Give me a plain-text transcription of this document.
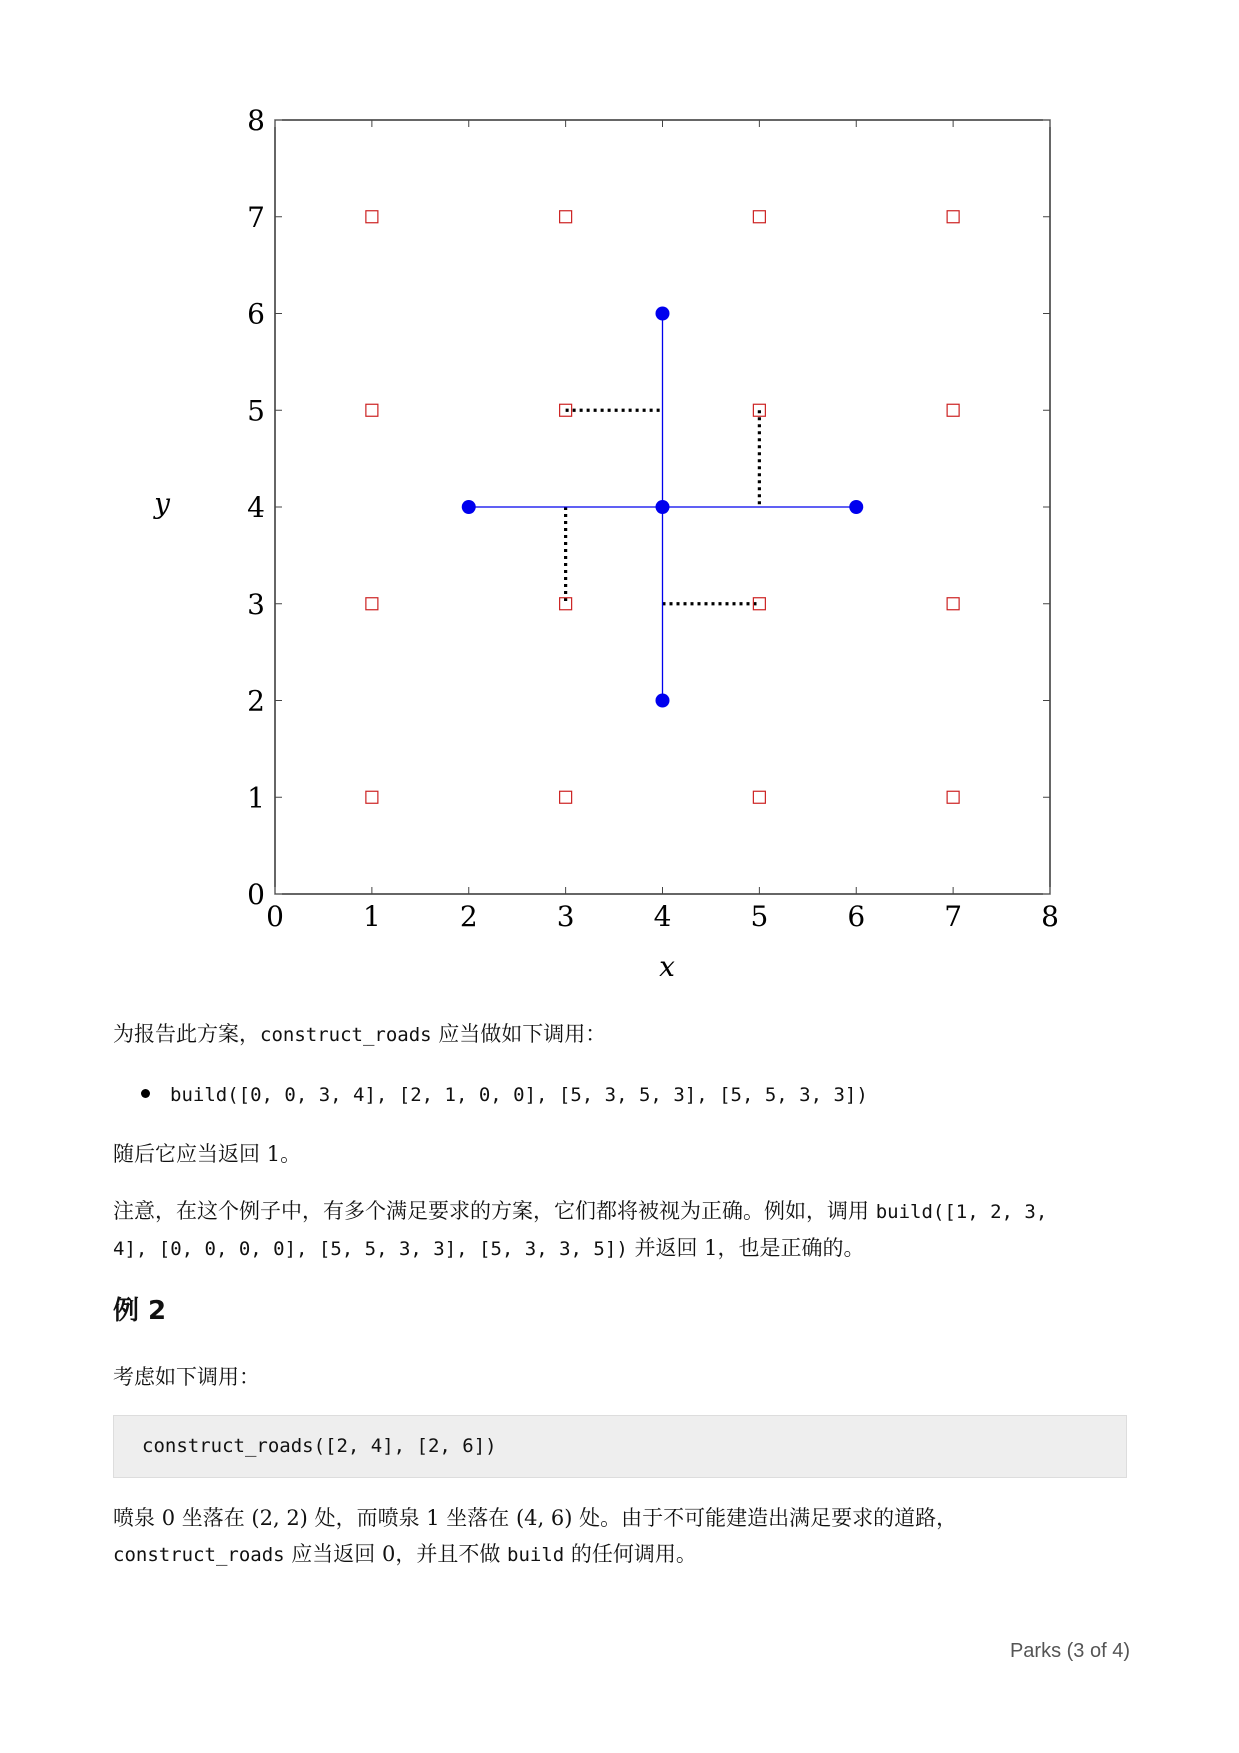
0	1	2	3	4	5	6	7	8
0
1
2
3
4
5
6
7
8
x
y

为报告此方案，construct_roads 应当做如下调用：

build([0, 0, 3, 4], [2, 1, 0, 0], [5, 3, 5, 3], [5, 5, 3, 3])

随后它应当返回 1。

注意，在这个例子中，有多个满足要求的方案，它们都将被视为正确。例如，调用 build([1, 2, 3,
4], [0, 0, 0, 0], [5, 5, 3, 3], [5, 3, 3, 5]) 并返回 1，也是正确的。

例 2

考虑如下调用：

construct_roads([2, 4], [2, 6])

喷泉 0 坐落在 (2, 2) 处，而喷泉 1 坐落在 (4, 6) 处。由于不可能建造出满足要求的道路，
construct_roads 应当返回 0，并且不做 build 的任何调用。

Parks (3 of 4)
